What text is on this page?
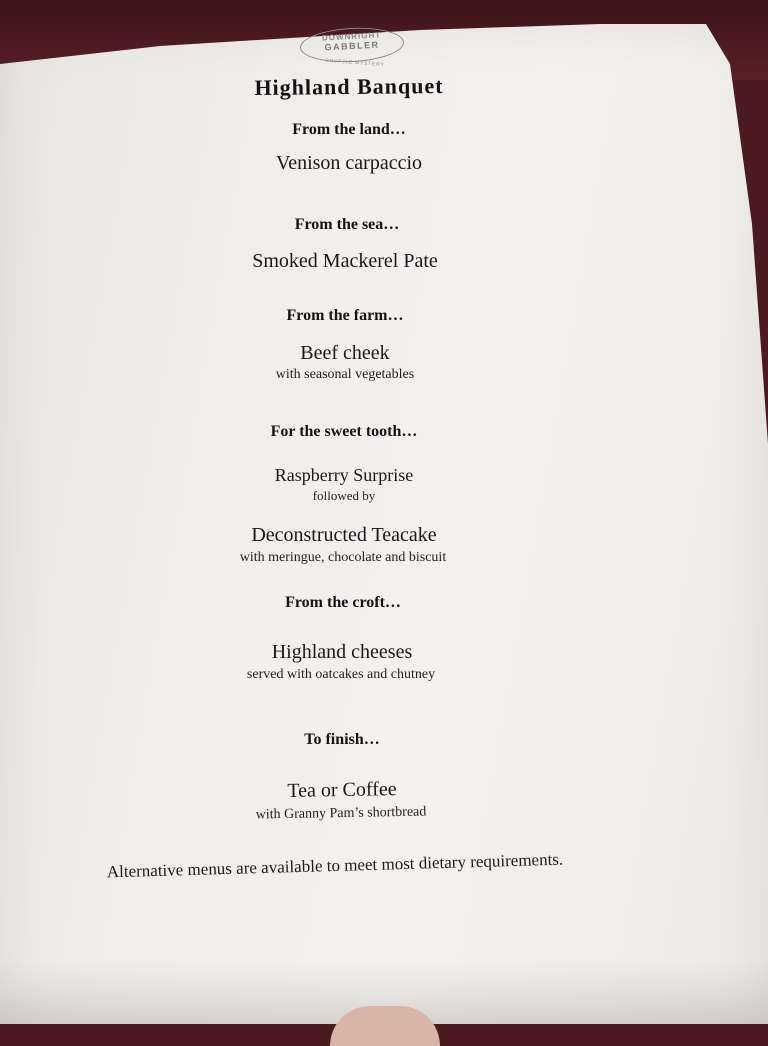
DOWNRIGHT
GABBLER
CRYPTIC MYSTERY
Highland Banquet
From the land…
Venison carpaccio
From the sea…
Smoked Mackerel Pate
From the farm…
Beef cheek
with seasonal vegetables
For the sweet tooth…
Raspberry Surprise
followed by
Deconstructed Teacake
with meringue, chocolate and biscuit
From the croft…
Highland cheeses
served with oatcakes and chutney
To finish…
Tea or Coffee
with Granny Pam’s shortbread
Alternative menus are available to meet most dietary requirements.
